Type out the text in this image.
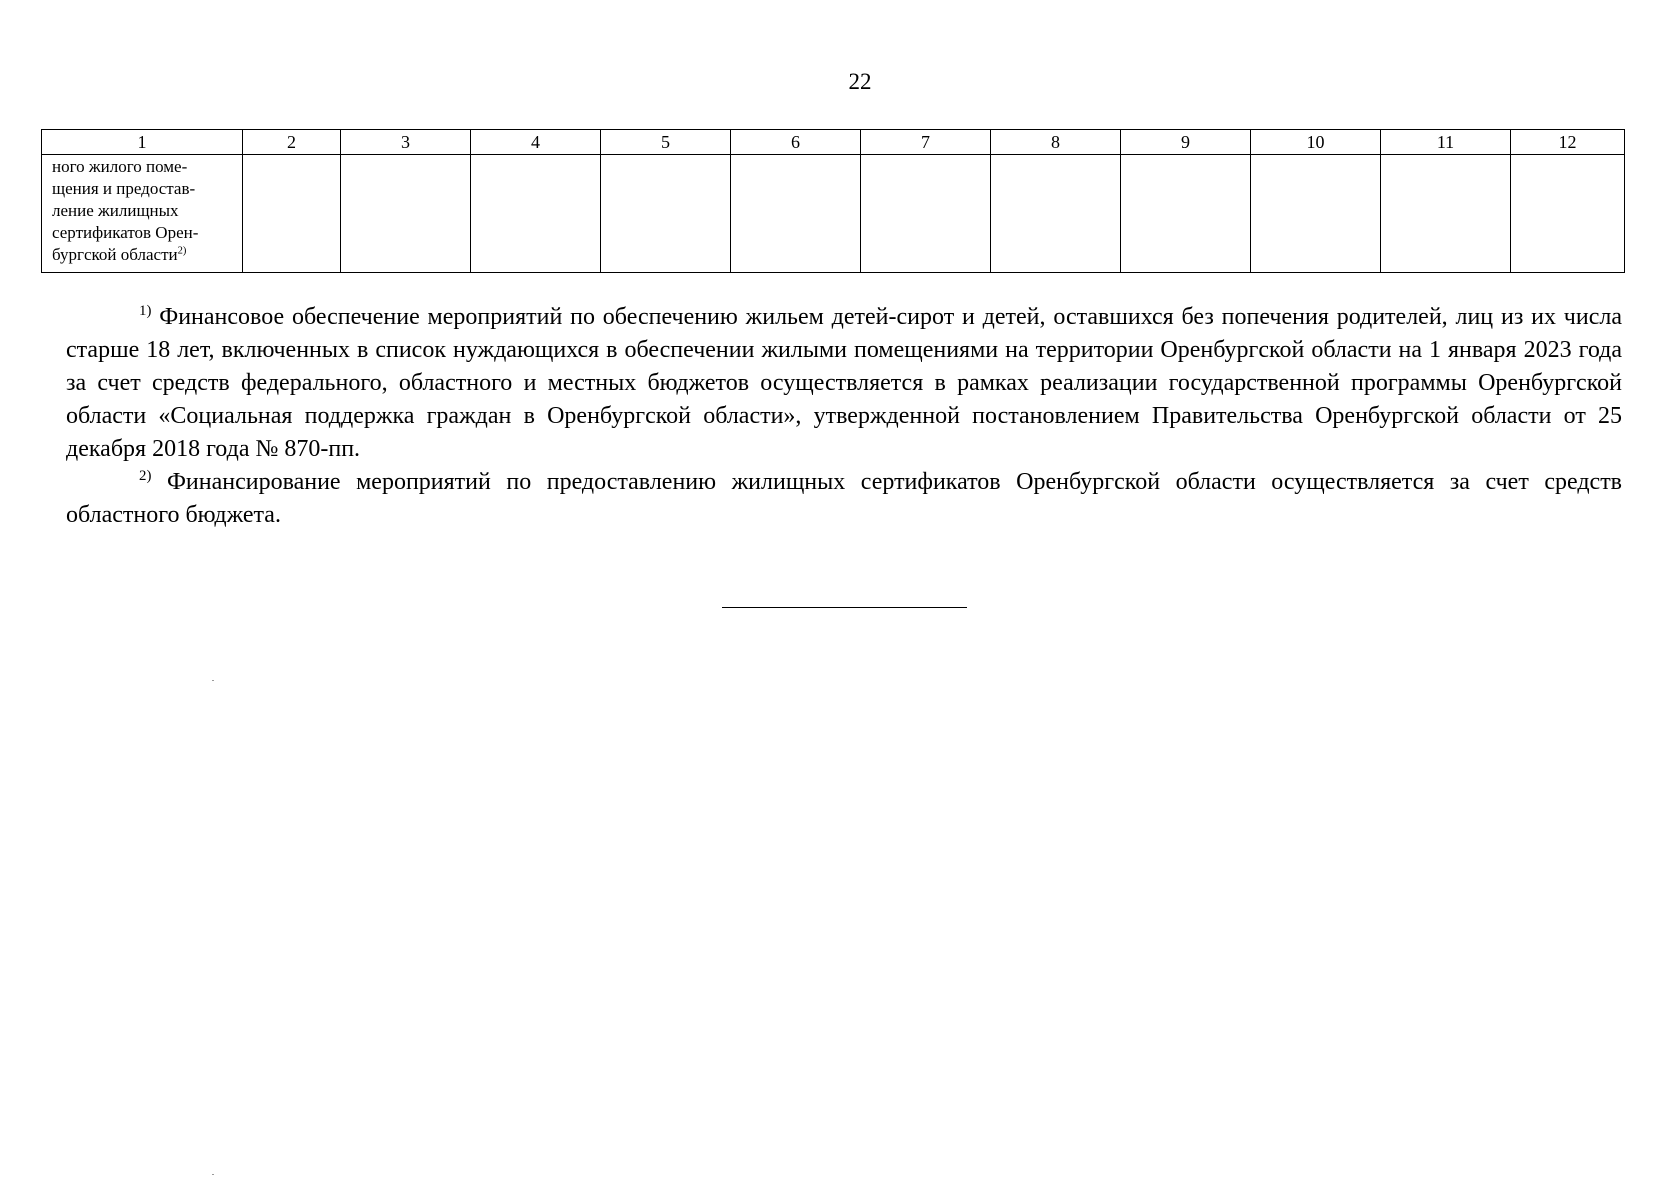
22
1	2	3	4	5	6	7	8	9	10	11	12

ного жилого поме-
щения и предостав-
ление жилищных
сертификатов Орен-
бургской области$^{2)}$

$^{1)}$ Финансовое обеспечение мероприятий по обеспечению жильем детей-сирот и детей, оставшихся без попечения родителей, лиц из их числа старше 18 лет, включенных в список нуждающихся в обеспечении жилыми помещениями на территории Оренбургской области на 1 января 2023 года за счет средств федерального, областного и местных бюджетов осуществляется в рамках реализации государственной программы Оренбургской области «Социальная поддержка граждан в Оренбургской области», утвержденной постановлением Правительства Оренбургской области от 25 декабря 2018 года № 870-пп.

$^{2)}$ Финансирование мероприятий по предоставлению жилищных сертификатов Оренбургской области осуществляется за счет средств областного бюджета.
